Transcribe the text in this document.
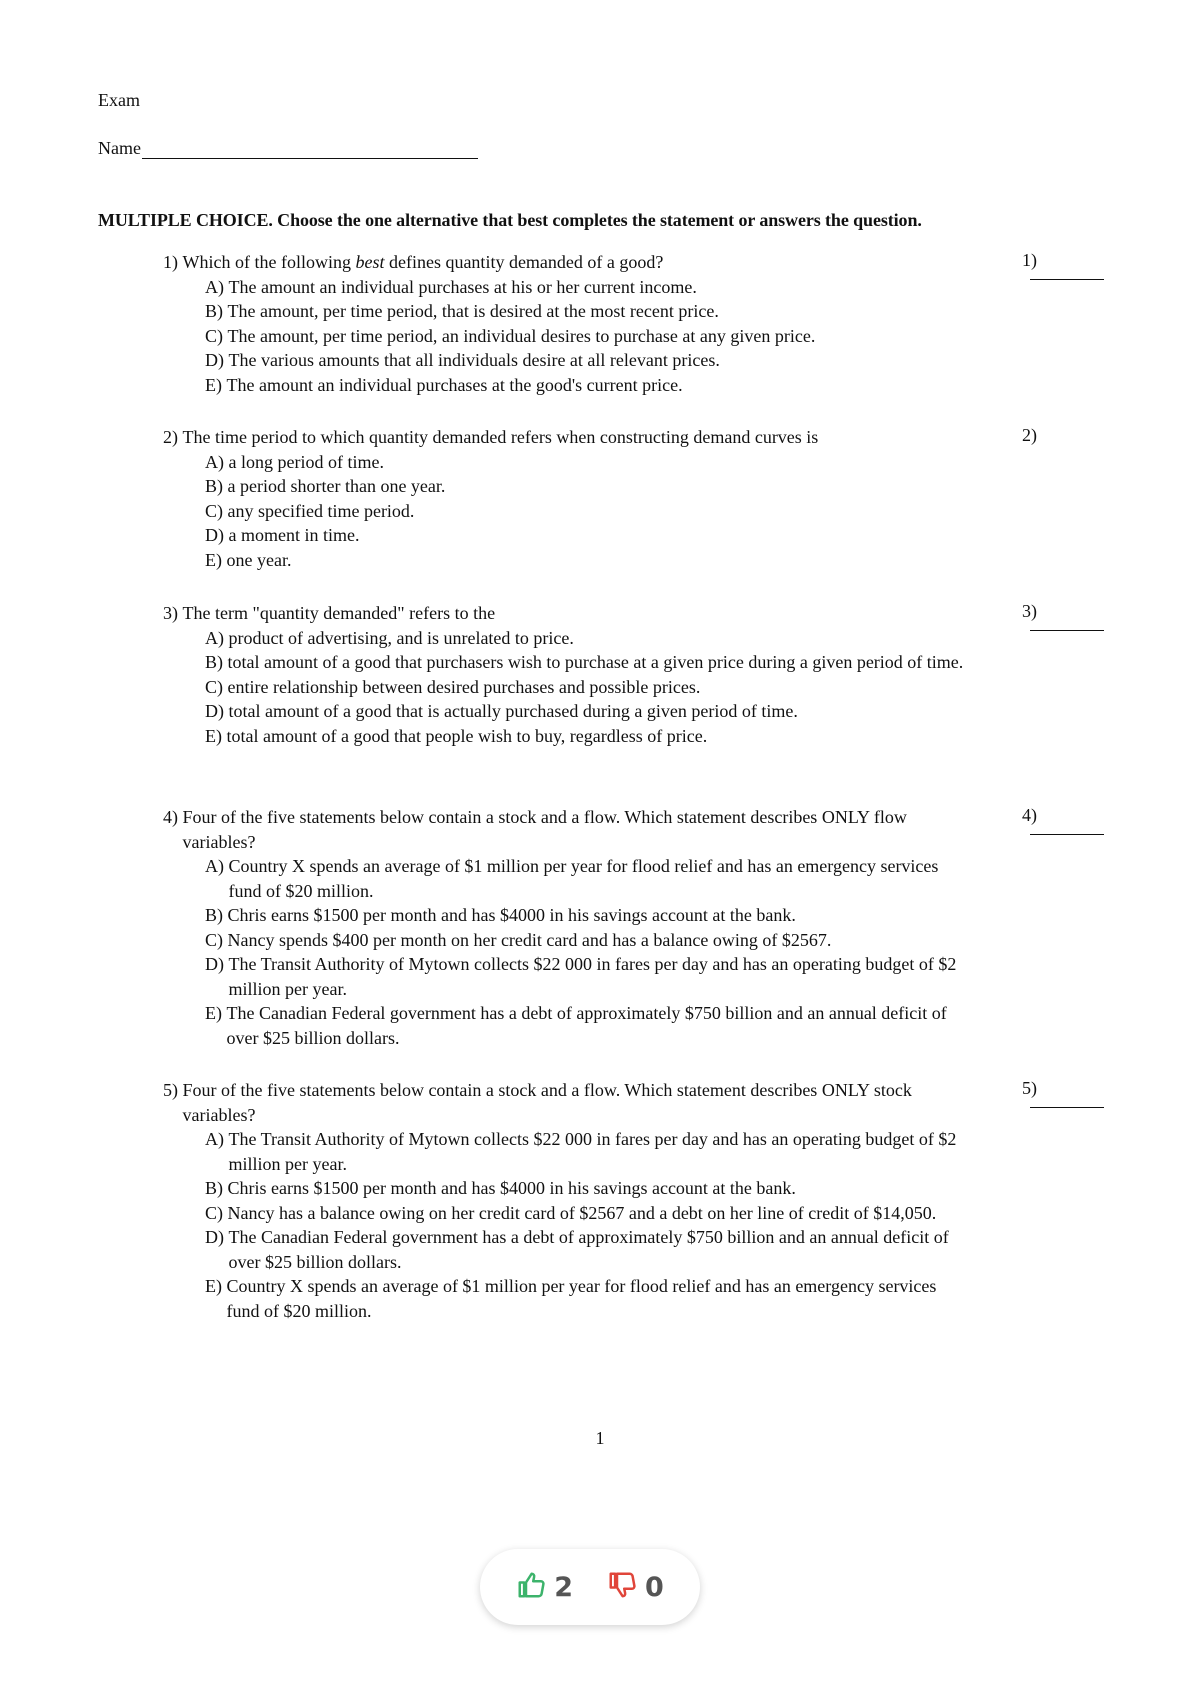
Exam
Name
MULTIPLE CHOICE. Choose the one alternative that best completes the statement or answers the question.
1)
Which of the following best defines quantity demanded of a good?
A)
The amount an individual purchases at his or her current income.
B)
The amount, per time period, that is desired at the most recent price.
C)
The amount, per time period, an individual desires to purchase at any given price.
D)
The various amounts that all individuals desire at all relevant prices.
E)
The amount an individual purchases at the good's current price.
1)
2)
The time period to which quantity demanded refers when constructing demand curves is
A)
a long period of time.
B)
a period shorter than one year.
C)
any specified time period.
D)
a moment in time.
E)
one year.
2)
3)
The term "quantity demanded" refers to the
A)
product of advertising, and is unrelated to price.
B)
total amount of a good that purchasers wish to purchase at a given price during a given period of time.
C)
entire relationship between desired purchases and possible prices.
D)
total amount of a good that is actually purchased during a given period of time.
E)
total amount of a good that people wish to buy, regardless of price.
3)
4)
Four of the five statements below contain a stock and a flow. Which statement describes ONLY flow variables?
A)
Country X spends an average of $1 million per year for flood relief and has an emergency services fund of $20 million.
B)
Chris earns $1500 per month and has $4000 in his savings account at the bank.
C)
Nancy spends $400 per month on her credit card and has a balance owing of $2567.
D)
The Transit Authority of Mytown collects $22 000 in fares per day and has an operating budget of $2 million per year.
E)
The Canadian Federal government has a debt of approximately $750 billion and an annual deficit of over $25 billion dollars.
4)
5)
Four of the five statements below contain a stock and a flow. Which statement describes ONLY stock variables?
A)
The Transit Authority of Mytown collects $22 000 in fares per day and has an operating budget of $2 million per year.
B)
Chris earns $1500 per month and has $4000 in his savings account at the bank.
C)
Nancy has a balance owing on her credit card of $2567 and a debt on her line of credit of $14,050.
D)
The Canadian Federal government has a debt of approximately $750 billion and an annual deficit of over $25 billion dollars.
E)
Country X spends an average of $1 million per year for flood relief and has an emergency services fund of $20 million.
5)
1
2	0
